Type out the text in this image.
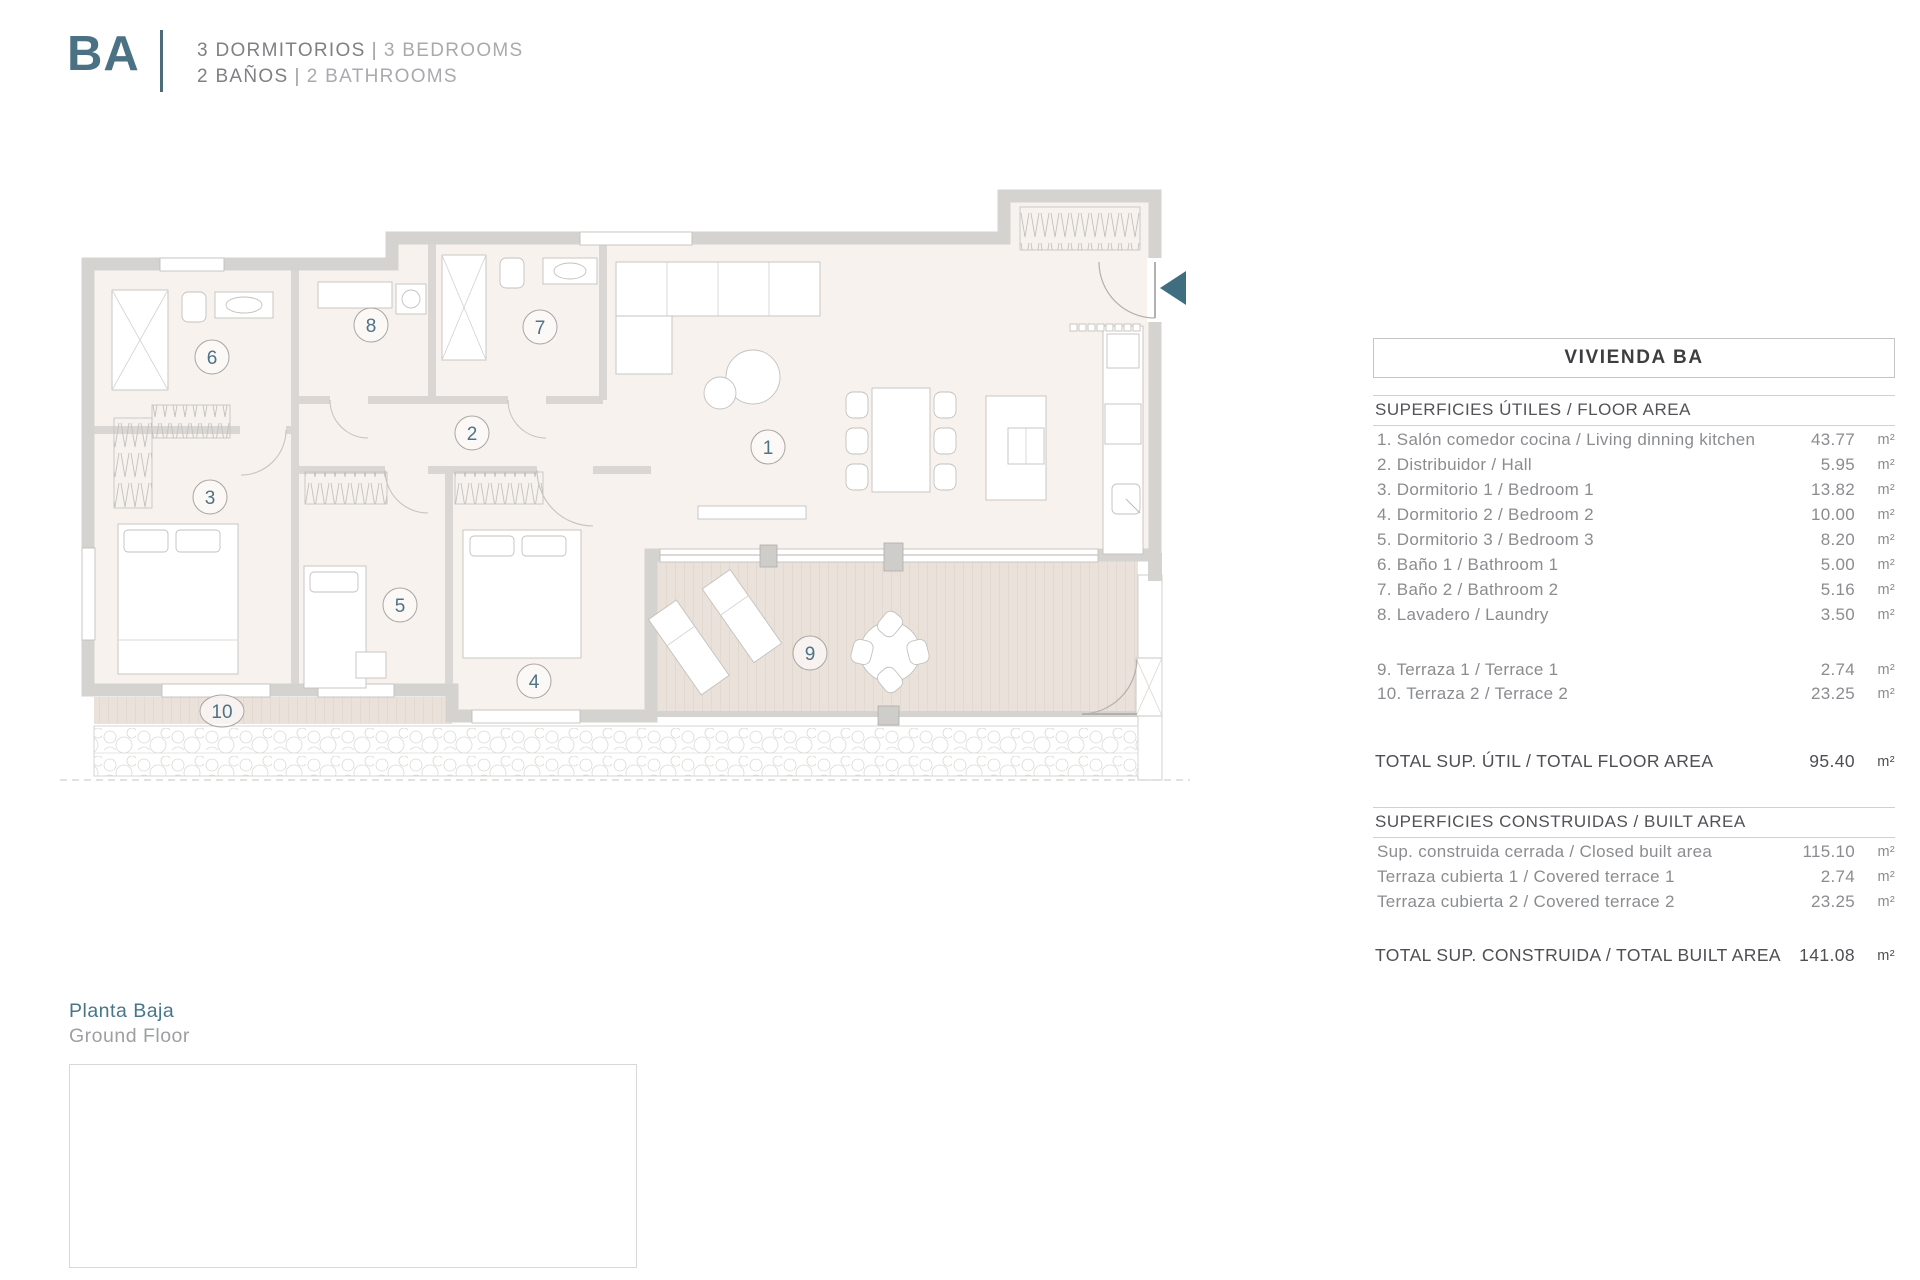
1
2
3
4
5
6
7
8
9
10
BA	3 DORMITORIOS | 3 BEDROOMS
2 BAÑOS | 2 BATHROOMS
VIVIENDA BA
SUPERFICIES ÚTILES / FLOOR AREA
1. Salón comedor cocina / Living dinning kitchen	43.77	m²
2. Distribuidor / Hall	5.95	m²
3. Dormitorio 1 / Bedroom 1	13.82	m²
4. Dormitorio 2 / Bedroom 2	10.00	m²
5. Dormitorio 3 / Bedroom 3	8.20	m²
6. Baño 1 / Bathroom 1	5.00	m²
7. Baño 2 / Bathroom 2	5.16	m²
8. Lavadero / Laundry	3.50	m²
9. Terraza 1 / Terrace 1	2.74	m²
10. Terraza 2 / Terrace 2	23.25	m²
TOTAL SUP. ÚTIL / TOTAL FLOOR AREA	95.40	m²
SUPERFICIES CONSTRUIDAS / BUILT AREA
Sup. construida cerrada / Closed built area	115.10	m²
Terraza cubierta 1 / Covered terrace 1	2.74	m²
Terraza cubierta 2 / Covered terrace 2	23.25	m²
TOTAL SUP. CONSTRUIDA / TOTAL BUILT AREA	141.08	m²
Planta Baja
Ground Floor
